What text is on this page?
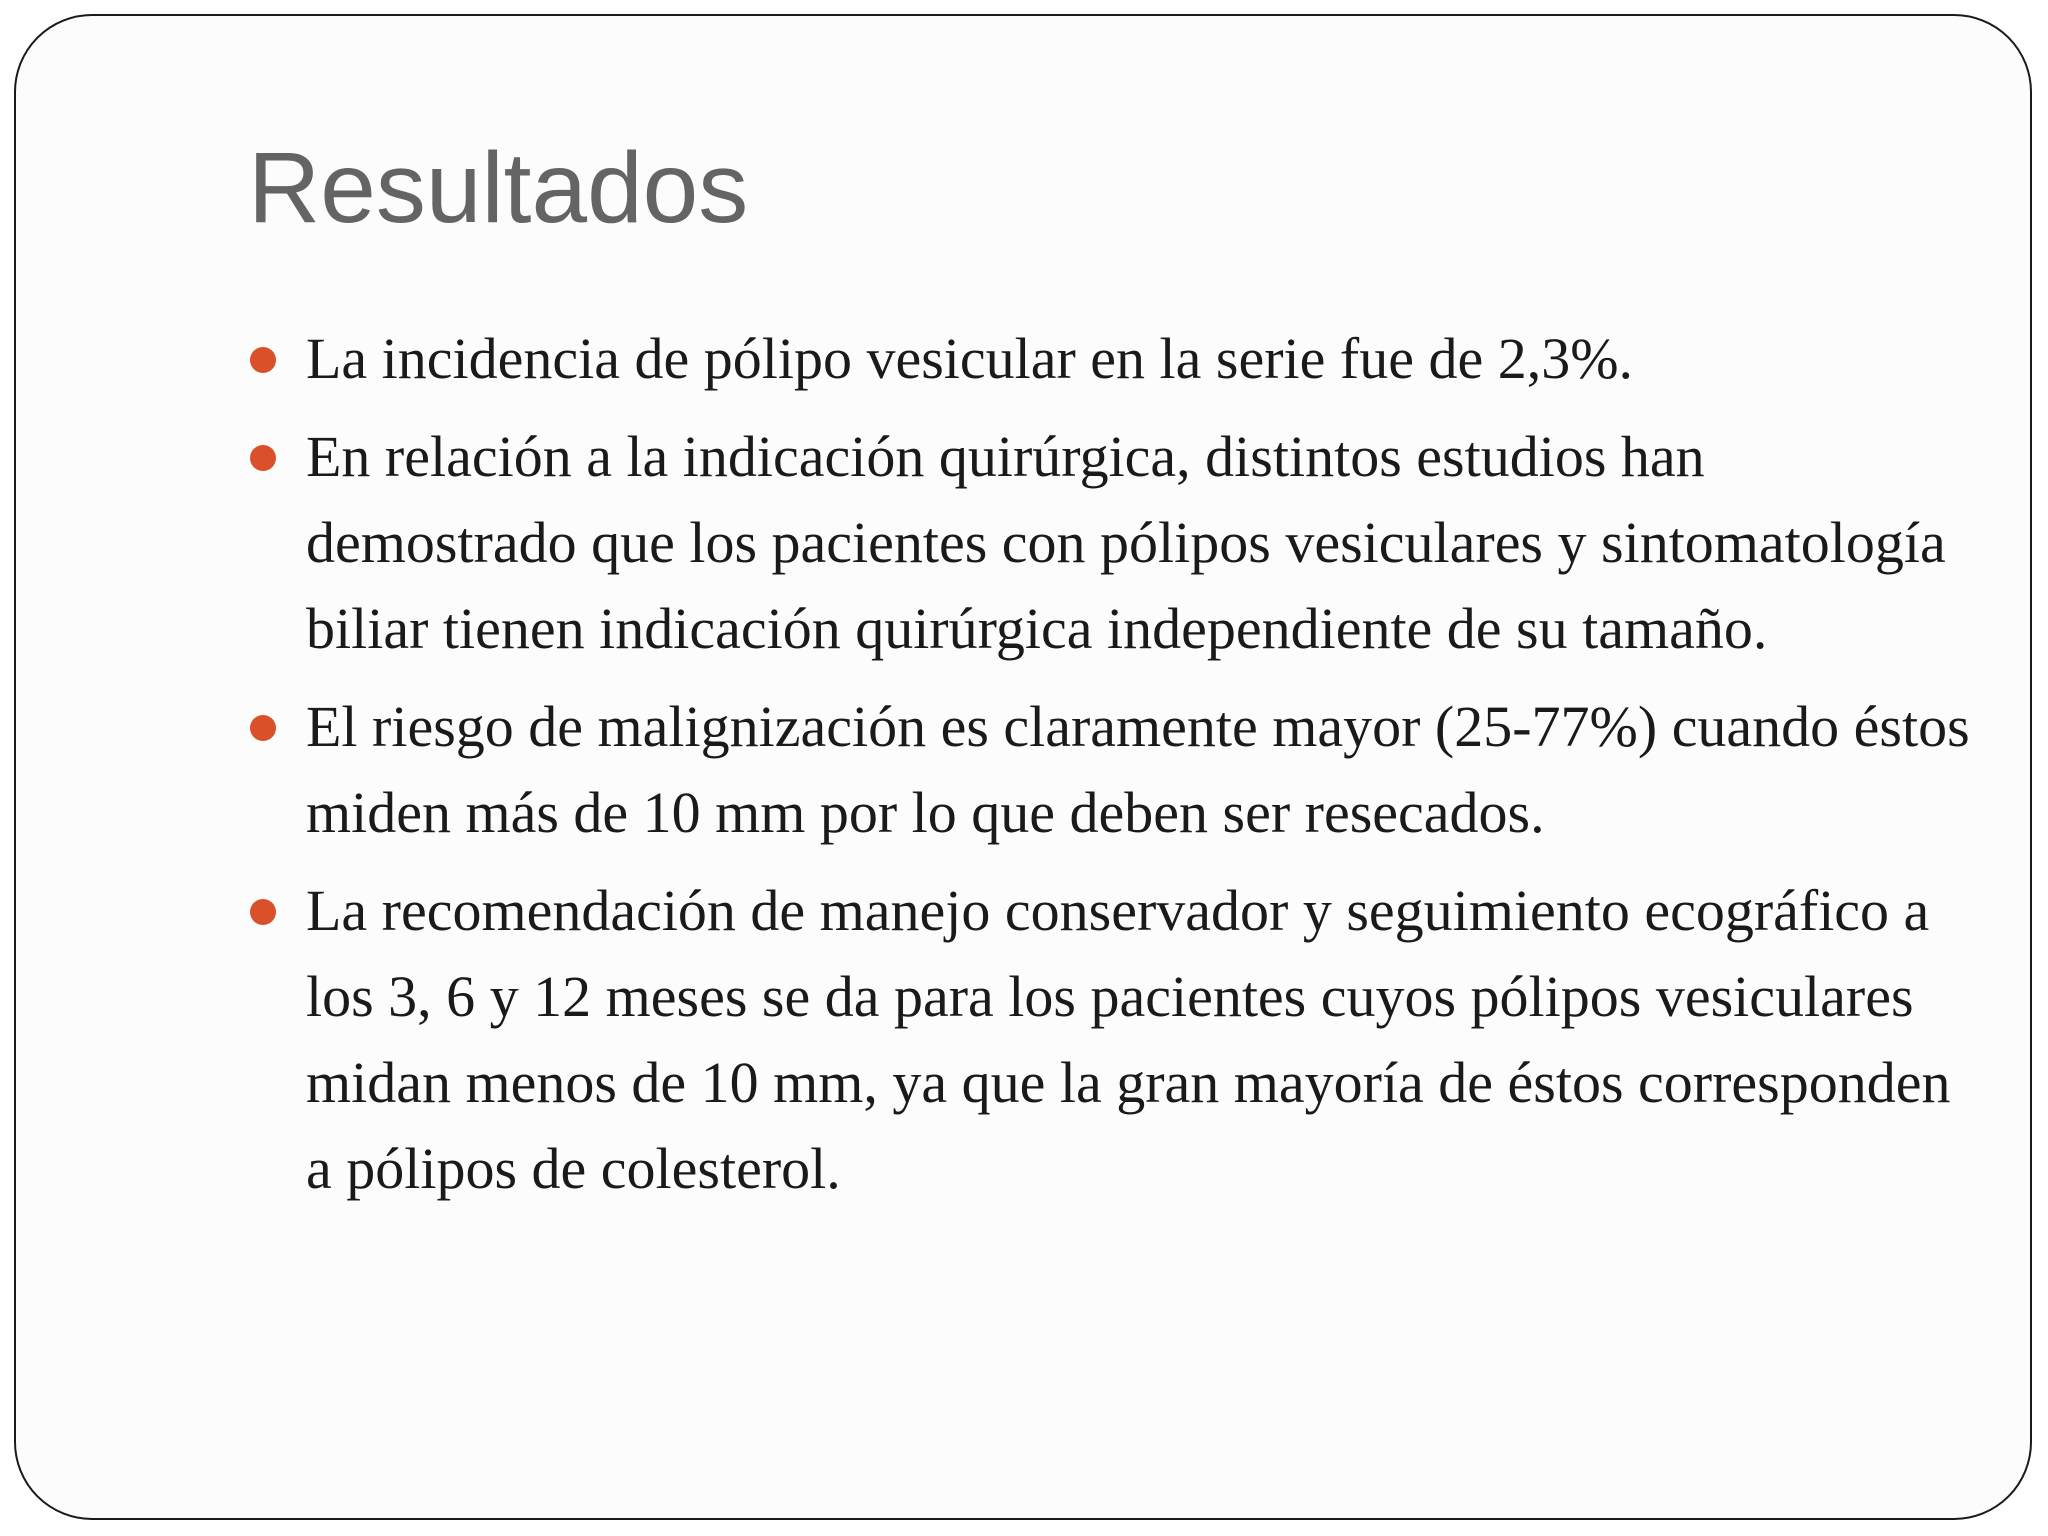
Resultados
La incidencia de pólipo vesicular en la serie fue de 2,3%.
En relación a la indicación quirúrgica, distintos estudios han demostrado que los pacientes con pólipos vesiculares y sintomatología biliar tienen indicación quirúrgica independiente de su tamaño.
El riesgo de malignización es claramente mayor (25-77%) cuando éstos miden más de 10 mm por lo que deben ser resecados.
La recomendación de manejo conservador y seguimiento ecográfico a los 3, 6 y 12 meses se da para los pacientes cuyos pólipos vesiculares midan menos de 10 mm, ya que la gran mayoría de éstos corresponden a pólipos de colesterol.
